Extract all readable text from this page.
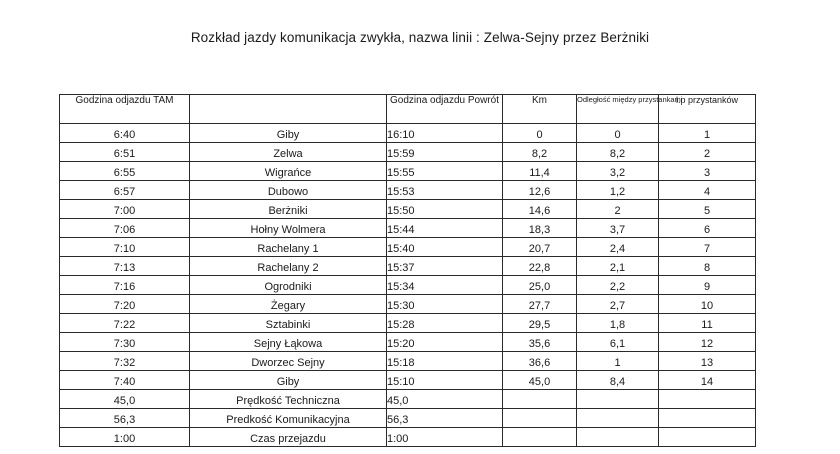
Rozkład jazdy komunikacja zwykła, nazwa linii : Zelwa-Sejny przez Berżniki
Godzina odjazdu TAM		Godzina odjazdu Powrót	Km	Odległość między przystankami	l.p przystanków
6:40	Giby	16:10	0	0	1
6:51	Zelwa	15:59	8,2	8,2	2
6:55	Wigrańce	15:55	11,4	3,2	3
6:57	Dubowo	15:53	12,6	1,2	4
7:00	Berżniki	15:50	14,6	2	5
7:06	Hołny Wolmera	15:44	18,3	3,7	6
7:10	Rachelany 1	15:40	20,7	2,4	7
7:13	Rachelany 2	15:37	22,8	2,1	8
7:16	Ogrodniki	15:34	25,0	2,2	9
7:20	Żegary	15:30	27,7	2,7	10
7:22	Sztabinki	15:28	29,5	1,8	11
7:30	Sejny Łąkowa	15:20	35,6	6,1	12
7:32	Dworzec Sejny	15:18	36,6	1	13
7:40	Giby	15:10	45,0	8,4	14
45,0	Prędkość Techniczna	45,0			
56,3	Predkość Komunikacyjna	56,3			
1:00	Czas przejazdu	1:00			
